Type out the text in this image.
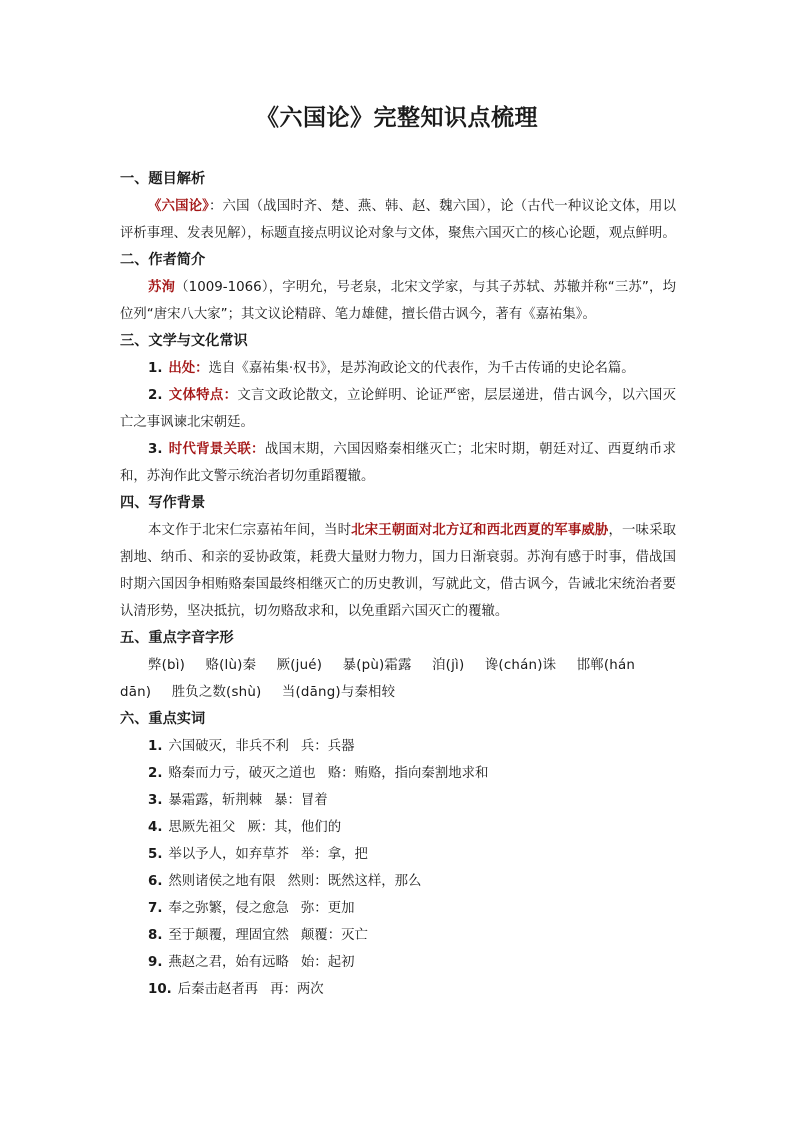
《六国论》完整知识点梳理
一、题目解析

《六国论》：六国（战国时齐、楚、燕、韩、赵、魏六国），论（古代一种议论文体，用以评析事理、发表见解），标题直接点明议论对象与文体，聚焦六国灭亡的核心论题，观点鲜明。

二、作者简介

苏洵（1009-1066），字明允，号老泉，北宋文学家，与其子苏轼、苏辙并称“三苏”，均位列“唐宋八大家”；其文议论精辟、笔力雄健，擅长借古讽今，著有《嘉祐集》。

三、文学与文化常识

1. 出处：选自《嘉祐集·权书》，是苏洵政论文的代表作，为千古传诵的史论名篇。

2. 文体特点：文言文政论散文，立论鲜明、论证严密，层层递进，借古讽今，以六国灭亡之事讽谏北宋朝廷。

3. 时代背景关联：战国末期，六国因赂秦相继灭亡；北宋时期，朝廷对辽、西夏纳币求和，苏洵作此文警示统治者切勿重蹈覆辙。

四、写作背景

本文作于北宋仁宗嘉祐年间，当时北宋王朝面对北方辽和西北西夏的军事威胁，一味采取割地、纳币、和亲的妥协政策，耗费大量财力物力，国力日渐衰弱。苏洵有感于时事，借战国时期六国因争相贿赂秦国最终相继灭亡的历史教训，写就此文，借古讽今，告诫北宋统治者要认清形势，坚决抵抗，切勿赂敌求和，以免重蹈六国灭亡的覆辙。

五、重点字音字形

弊(bì) 赂(lù)秦 厥(jué) 暴(pù)霜露 洎(jì) 谗(chán)诛 邯郸(hán dān) 胜负之数(shù) 当(dāng)与秦相较

六、重点实词

1. 六国破灭，非兵不利 兵：兵器

2. 赂秦而力亏，破灭之道也 赂：贿赂，指向秦割地求和

3. 暴霜露，斩荆棘 暴：冒着

4. 思厥先祖父 厥：其，他们的

5. 举以予人，如弃草芥 举：拿，把

6. 然则诸侯之地有限 然则：既然这样，那么

7. 奉之弥繁，侵之愈急 弥：更加

8. 至于颠覆，理固宜然 颠覆：灭亡

9. 燕赵之君，始有远略 始：起初

10. 后秦击赵者再 再：两次
